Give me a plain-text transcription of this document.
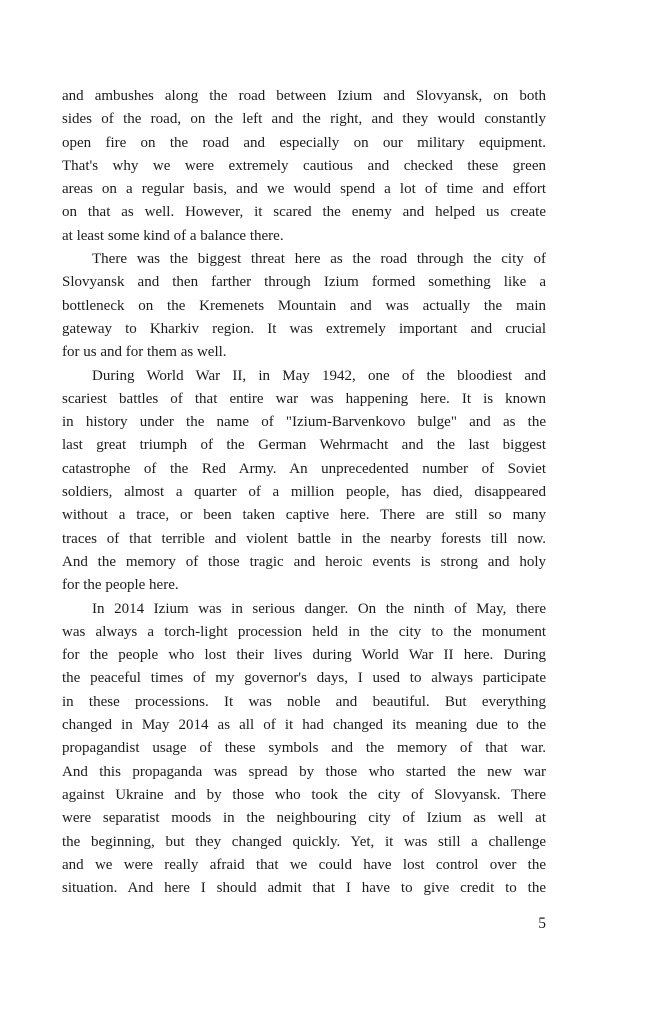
and ambushes along the road between Izium and Slovyansk, on both
sides of the road, on the left and the right, and they would constantly
open fire on the road and especially on our military equipment.
That's why we were extremely cautious and checked these green
areas on a regular basis, and we would spend a lot of time and effort
on that as well. However, it scared the enemy and helped us create
at least some kind of a balance there.
There was the biggest threat here as the road through the city of
Slovyansk and then farther through Izium formed something like a
bottleneck on the Kremenets Mountain and was actually the main
gateway to Kharkiv region. It was extremely important and crucial
for us and for them as well.
During World War II, in May 1942, one of the bloodiest and
scariest battles of that entire war was happening here. It is known
in history under the name of "Izium-Barvenkovo bulge" and as the
last great triumph of the German Wehrmacht and the last biggest
catastrophe of the Red Army. An unprecedented number of Soviet
soldiers, almost a quarter of a million people, has died, disappeared
without a trace, or been taken captive here. There are still so many
traces of that terrible and violent battle in the nearby forests till now.
And the memory of those tragic and heroic events is strong and holy
for the people here.
In 2014 Izium was in serious danger. On the ninth of May, there
was always a torch-light procession held in the city to the monument
for the people who lost their lives during World War II here. During
the peaceful times of my governor's days, I used to always participate
in these processions. It was noble and beautiful. But everything
changed in May 2014 as all of it had changed its meaning due to the
propagandist usage of these symbols and the memory of that war.
And this propaganda was spread by those who started the new war
against Ukraine and by those who took the city of Slovyansk. There
were separatist moods in the neighbouring city of Izium as well at
the beginning, but they changed quickly. Yet, it was still a challenge
and we were really afraid that we could have lost control over the
situation. And here I should admit that I have to give credit to the
5
